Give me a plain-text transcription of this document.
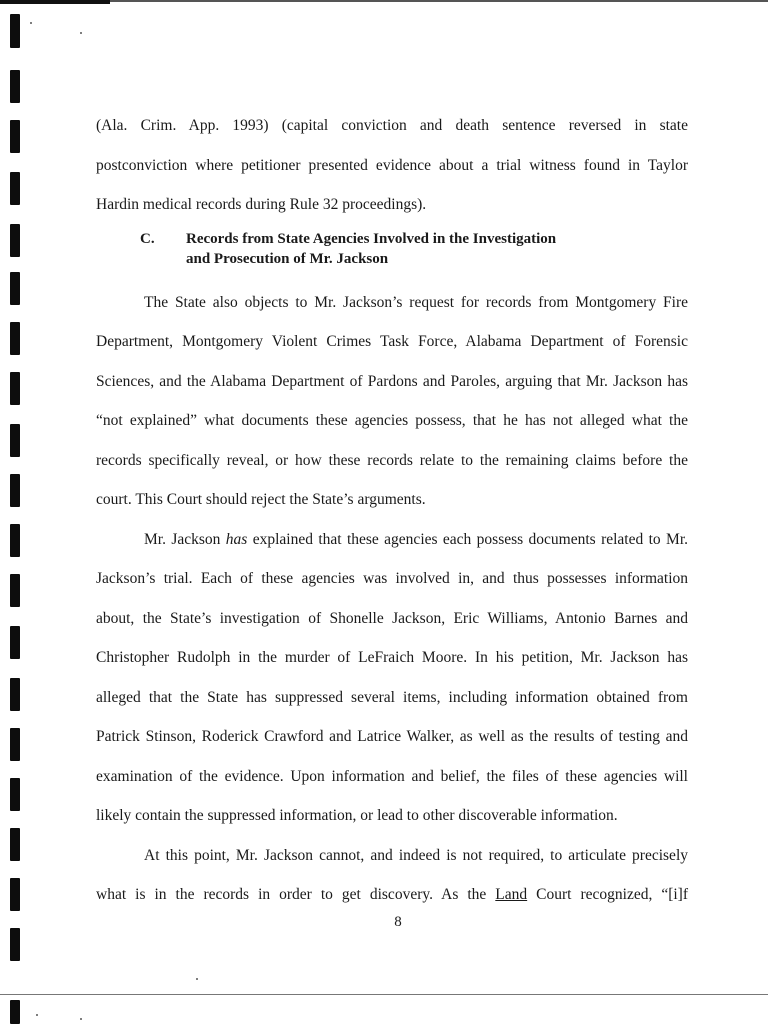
(Ala. Crim. App. 1993) (capital conviction and death sentence reversed in state
postconviction where petitioner presented evidence about a trial witness found in Taylor
Hardin medical records during Rule 32 proceedings).
C.	Records from State Agencies Involved in the Investigation
and Prosecution of Mr. Jackson
The State also objects to Mr. Jackson’s request for records from Montgomery Fire
Department, Montgomery Violent Crimes Task Force, Alabama Department of Forensic
Sciences, and the Alabama Department of Pardons and Paroles, arguing that Mr. Jackson has
“not explained” what documents these agencies possess, that he has not alleged what the
records specifically reveal, or how these records relate to the remaining claims before the
court. This Court should reject the State’s arguments.
Mr. Jackson has explained that these agencies each possess documents related to Mr.
Jackson’s trial. Each of these agencies was involved in, and thus possesses information
about, the State’s investigation of Shonelle Jackson, Eric Williams, Antonio Barnes and
Christopher Rudolph in the murder of LeFraich Moore. In his petition, Mr. Jackson has
alleged that the State has suppressed several items, including information obtained from
Patrick Stinson, Roderick Crawford and Latrice Walker, as well as the results of testing and
examination of the evidence. Upon information and belief, the files of these agencies will
likely contain the suppressed information, or lead to other discoverable information.
At this point, Mr. Jackson cannot, and indeed is not required, to articulate precisely
what is in the records in order to get discovery. As the Land Court recognized, “[i]f
8
